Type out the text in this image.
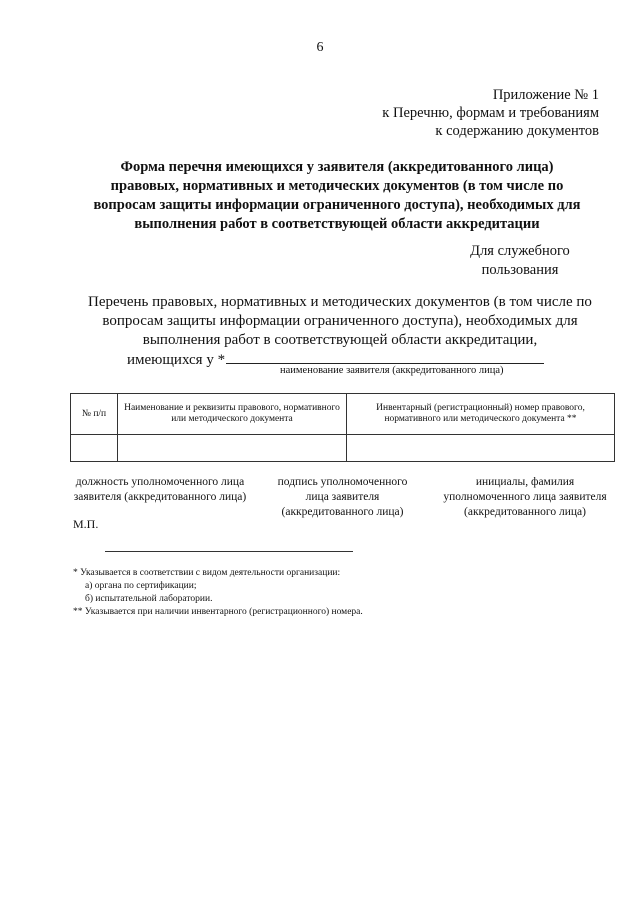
6
Приложение № 1
к Перечню, формам и требованиям
к содержанию документов
Форма перечня имеющихся у заявителя (аккредитованного лица) правовых, нормативных и методических документов (в том числе по вопросам защиты информации ограниченного доступа), необходимых для выполнения работ в соответствующей области аккредитации
Для служебного пользования
Перечень правовых, нормативных и методических документов (в том числе по вопросам защиты информации ограниченного доступа), необходимых для выполнения работ в соответствующей области аккредитации,
имеющихся у *
наименование заявителя (аккредитованного лица)
№ п/п	Наименование и реквизиты правового, нормативного или методического документа	Инвентарный (регистрационный) номер правового, нормативного или методического документа **

должность уполномоченного лица заявителя (аккредитованного лица)
подпись уполномоченного лица заявителя (аккредитованного лица)
инициалы, фамилия уполномоченного лица заявителя (аккредитованного лица)
М.П.
* Указывается в соответствии с видом деятельности организации:
а) органа по сертификации;
б) испытательной лаборатории.
** Указывается при наличии инвентарного (регистрационного) номера.
